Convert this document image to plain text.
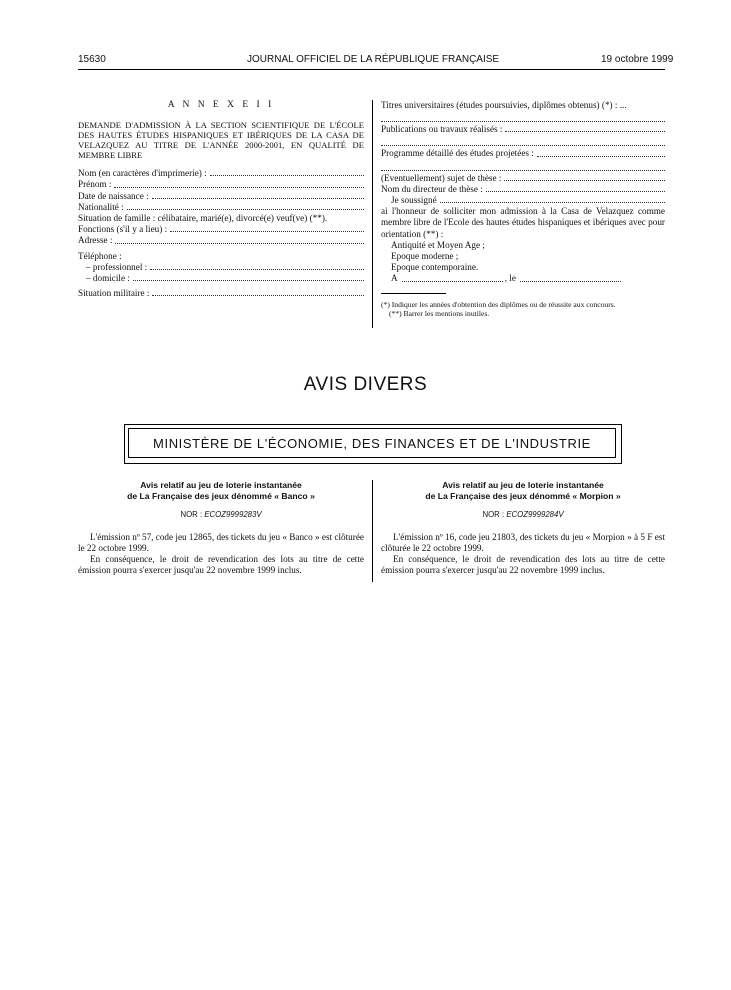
15630	JOURNAL OFFICIEL DE LA RÉPUBLIQUE FRANÇAISE	19 octobre 1999

A N N E X E I I

DEMANDE D'ADMISSION À LA SECTION SCIENTIFIQUE DE L'ÉCOLE DES HAUTES ÉTUDES HISPANIQUES ET IBÉRIQUES DE LA CASA DE VELAZQUEZ AU TITRE DE L'ANNÉE 2000-2001, EN QUALITÉ DE MEMBRE LIBRE

Nom (en caractères d'imprimerie) :
Prénom :
Date de naissance :
Nationalité :

Situation de famille : célibataire, marié(e), divorcé(e) veuf(ve) (**).

Fonctions (s'il y a lieu) :
Adresse :

Téléphone :

– professionnel :
– domicile :
Situation militaire :

Titres universitaires (études poursuivies, diplômes obtenus) (*) : ...

Publications ou travaux réalisés :
Programme détaillé des études projetées :
(Eventuellement) sujet de thèse :
Nom du directeur de thèse :
Je soussigné

ai l'honneur de solliciter mon admission à la Casa de Velazquez comme membre libre de l'Ecole des hautes études hispaniques et ibériques avec pour orientation (**) :

Antiquité et Moyen Age ;

Epoque moderne ;

Epoque contemporaine.

A	, le

(*) Indiquer les années d'obtention des diplômes ou de réussite aux concours.

(**) Barrer les mentions inutiles.

AVIS DIVERS
MINISTÈRE DE L'ÉCONOMIE, DES FINANCES ET DE L'INDUSTRIE

Avis relatif au jeu de loterie instantanée

de La Française des jeux dénommé « Banco »

NOR : ECOZ9999283V

L'émission nº 57, code jeu 12865, des tickets du jeu « Banco » est clôturée le 22 octobre 1999.

En conséquence, le droit de revendication des lots au titre de cette émission pourra s'exercer jusqu'au 22 novembre 1999 inclus.

Avis relatif au jeu de loterie instantanée

de La Française des jeux dénommé « Morpion »

NOR : ECOZ9999284V

L'émission nº 16, code jeu 21803, des tickets du jeu « Morpion » à 5 F est clôturée le 22 octobre 1999.

En conséquence, le droit de revendication des lots au titre de cette émission pourra s'exercer jusqu'au 22 novembre 1999 inclus.
